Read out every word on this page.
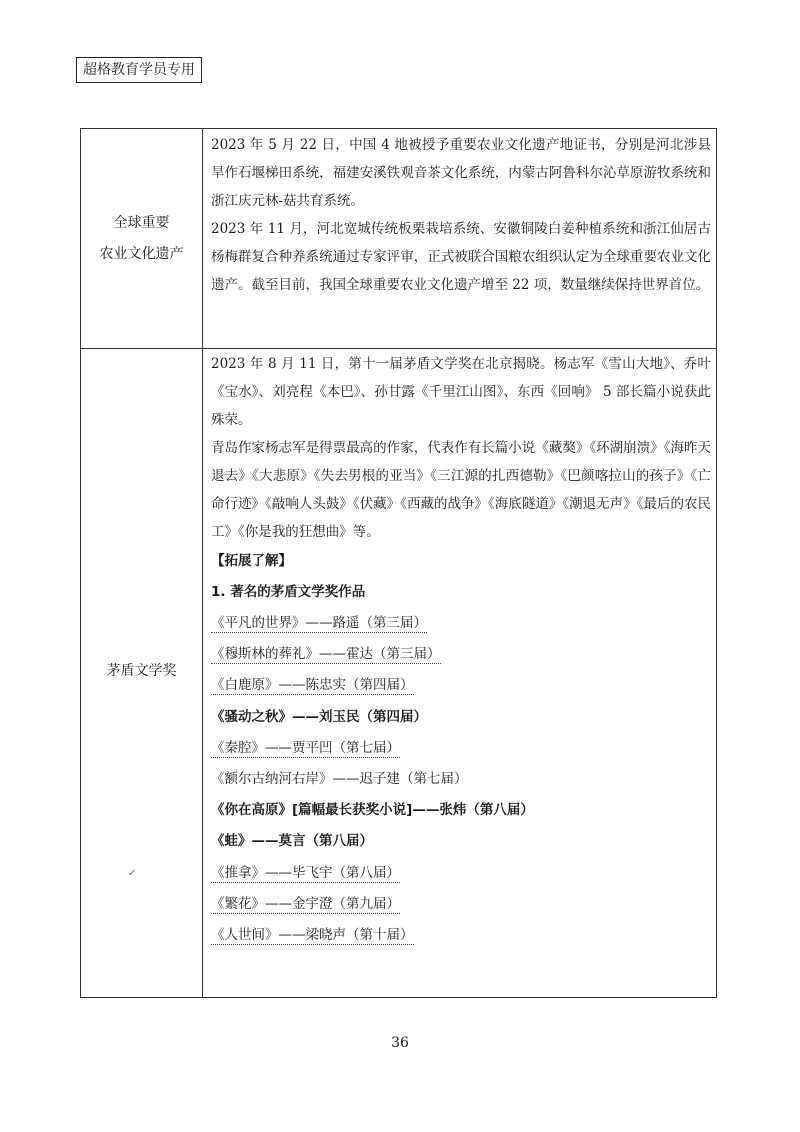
超格教育学员专用
全球重要
农业文化遗产

2023 年 5 月 22 日，中国 4 地被授予重要农业文化遗产地证书，分别是河北涉县旱作石堰梯田系统，福建安溪铁观音茶文化系统，内蒙古阿鲁科尔沁草原游牧系统和浙江庆元林-菇共育系统。

2023 年 11 月，河北宽城传统板栗栽培系统、安徽铜陵白姜种植系统和浙江仙居古杨梅群复合种养系统通过专家评审，正式被联合国粮农组织认定为全球重要农业文化遗产。截至目前，我国全球重要农业文化遗产增至 22 项，数量继续保持世界首位。

茅盾文学奖

2023 年 8 月 11 日，第十一届茅盾文学奖在北京揭晓。杨志军《雪山大地》、乔叶《宝水》、刘亮程《本巴》、孙甘露《千里江山图》、东西《回响》 5 部长篇小说获此殊荣。

青岛作家杨志军是得票最高的作家，代表作有长篇小说《藏獒》《环湖崩溃》《海昨天退去》《大悲原》《失去男根的亚当》《三江源的扎西德勒》《巴颜喀拉山的孩子》《亡命行迹》《敲响人头鼓》《伏藏》《西藏的战争》《海底隧道》《潮退无声》《最后的农民工》《你是我的狂想曲》等。

【拓展了解】

1. 著名的茅盾文学奖作品

《平凡的世界》——路遥（第三届）

《穆斯林的葬礼》——霍达（第三届）

《白鹿原》——陈忠实（第四届）

《骚动之秋》——刘玉民（第四届）

《秦腔》——贾平凹（第七届）

《额尔古纳河右岸》——迟子建（第七届）

《你在高原》[篇幅最长获奖小说]——张炜（第八届）

《蛙》——莫言（第八届）

《推拿》——毕飞宇（第八届）

《繁花》——金宇澄（第九届）

《人世间》——梁晓声（第十届）

✓
36
